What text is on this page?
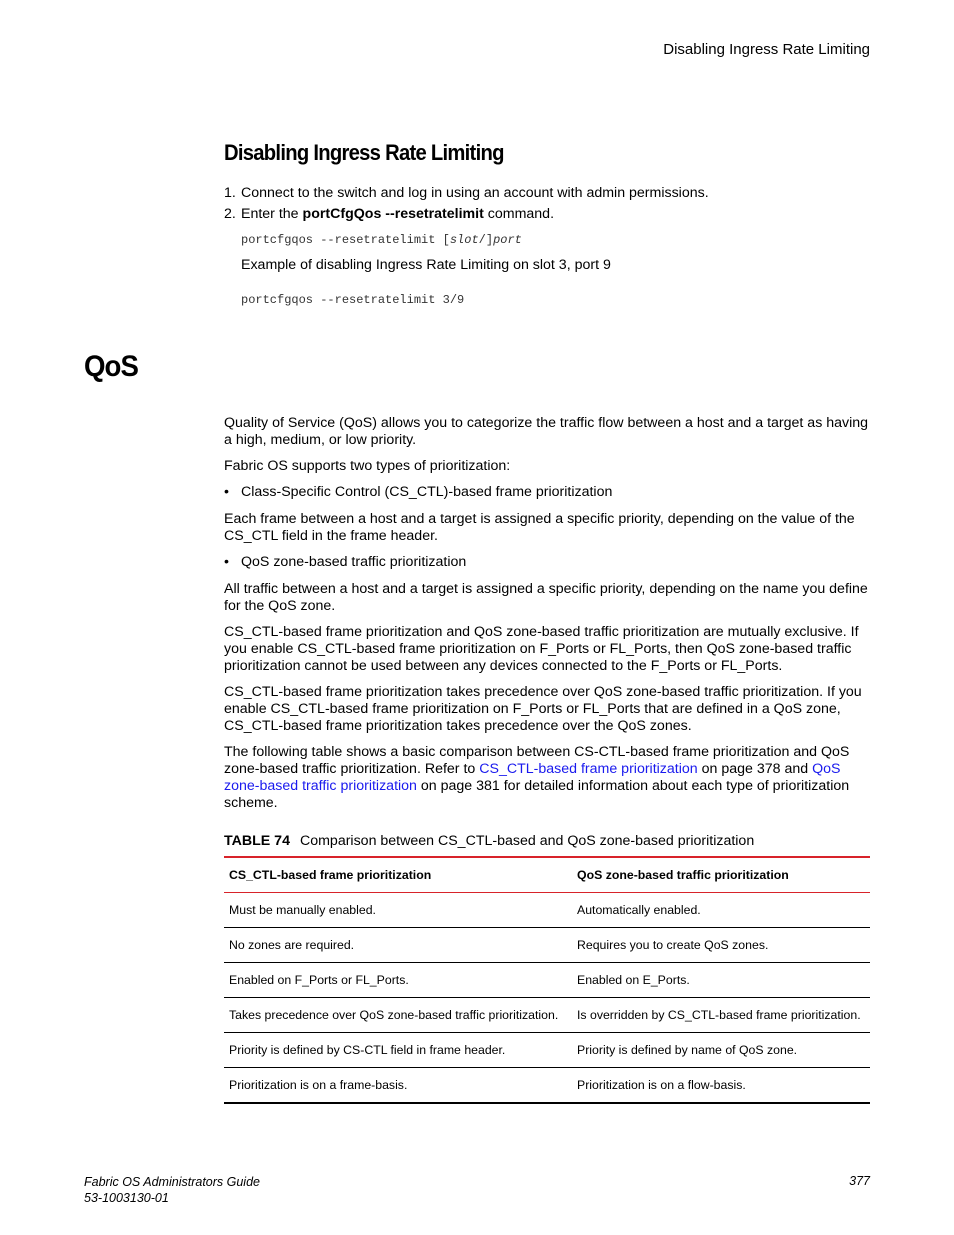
Disabling Ingress Rate Limiting
Disabling Ingress Rate Limiting
1. Connect to the switch and log in using an account with admin permissions.
2. Enter the portCfgQos --resetratelimit command.
portcfgqos --resetratelimit [slot/]port
Example of disabling Ingress Rate Limiting on slot 3, port 9
portcfgqos --resetratelimit 3/9
QoS

Quality of Service (QoS) allows you to categorize the traffic flow between a host and a target as having a high, medium, or low priority.

Fabric OS supports two types of prioritization:

• Class-Specific Control (CS_CTL)-based frame prioritization

Each frame between a host and a target is assigned a specific priority, depending on the value of the CS_CTL field in the frame header.

• QoS zone-based traffic prioritization

All traffic between a host and a target is assigned a specific priority, depending on the name you define for the QoS zone.

CS_CTL-based frame prioritization and QoS zone-based traffic prioritization are mutually exclusive. If you enable CS_CTL-based frame prioritization on F_Ports or FL_Ports, then QoS zone-based traffic prioritization cannot be used between any devices connected to the F_Ports or FL_Ports.

CS_CTL-based frame prioritization takes precedence over QoS zone-based traffic prioritization. If you enable CS_CTL-based frame prioritization on F_Ports or FL_Ports that are defined in a QoS zone, CS_CTL-based frame prioritization takes precedence over the QoS zones.

The following table shows a basic comparison between CS-CTL-based frame prioritization and QoS zone-based traffic prioritization. Refer to CS_CTL-based frame prioritization on page 378 and QoS zone-based traffic prioritization on page 381 for detailed information about each type of prioritization scheme.

TABLE 74 Comparison between CS_CTL-based and QoS zone-based prioritization
CS_CTL-based frame prioritization	QoS zone-based traffic prioritization
Must be manually enabled.	Automatically enabled.
No zones are required.	Requires you to create QoS zones.
Enabled on F_Ports or FL_Ports.	Enabled on E_Ports.
Takes precedence over QoS zone-based traffic prioritization.	Is overridden by CS_CTL-based frame prioritization.
Priority is defined by CS-CTL field in frame header.	Priority is defined by name of QoS zone.
Prioritization is on a frame-basis.	Prioritization is on a flow-basis.
Fabric OS Administrators Guide
53-1003130-01
377
